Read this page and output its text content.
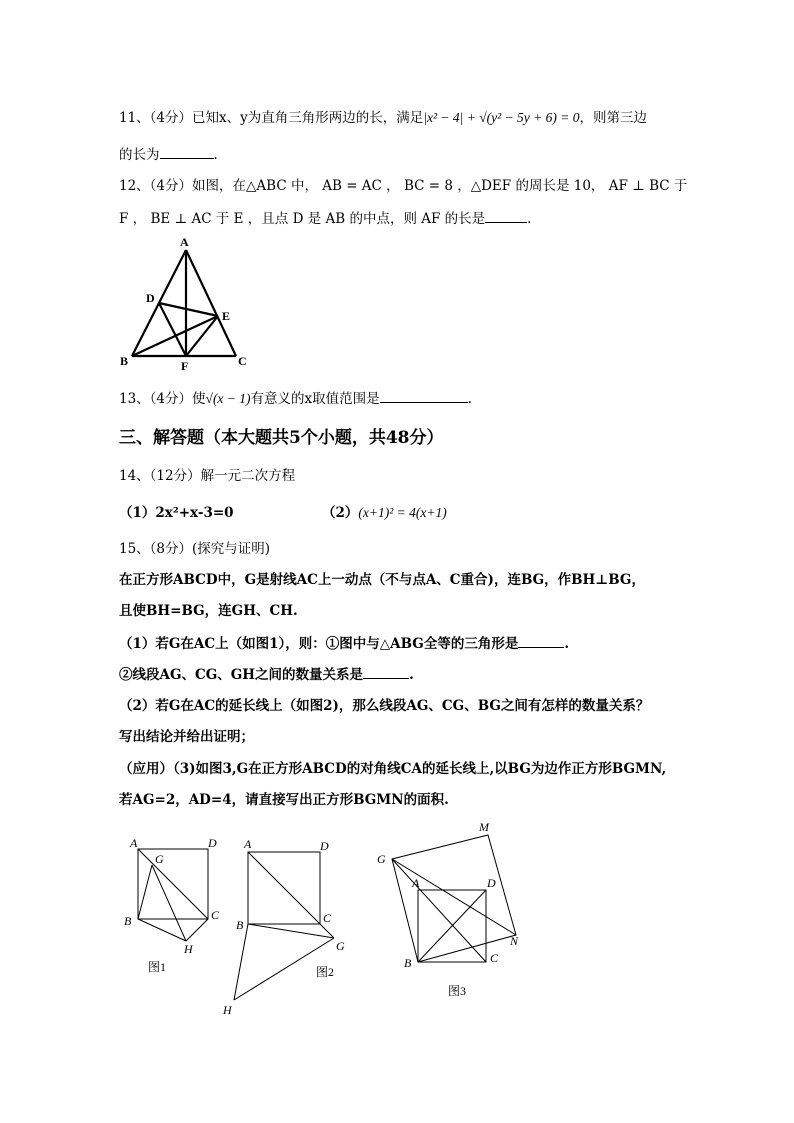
11、（4分）已知x、y为直角三角形两边的长，满足|x² − 4| + √(y² − 5y + 6) = 0，则第三边
的长为	.
12、（4分）如图，在△ABC 中， AB = AC ， BC = 8 ，△DEF 的周长是 10， AF ⊥ BC 于
F ， BE ⊥ AC 于 E ，且点 D 是 AB 的中点，则 AF 的长是	.
A
D
E
B	F	C
13、（4分）使√(x − 1)有意义的x取值范围是	.
三、解答题（本大题共5个小题，共48分）
14、（12分）解一元二次方程
（1）2x²+x-3=0	（2）(x+1)² = 4(x+1)
15、（8分）(探究与证明)
在正方形ABCD中，G是射线AC上一动点（不与点A、C重合)，连BG，作BH⊥BG，
且使BH=BG，连GH、CH.
（1）若G在AC上（如图1），则：①图中与△ABG全等的三角形是	.
②线段AG、CG、GH之间的数量关系是	.
（2）若G在AC的延长线上（如图2)，那么线段AG、CG、BG之间有怎样的数量关系？
写出结论并给出证明；
（应用）（3)如图3,G在正方形ABCD的对角线CA的延长线上,以BG为边作正方形BGMN,
若AG=2，AD=4，请直接写出正方形BGMN的面积.
A	D
G
B	C
H
图1
A	D
B	C
G
H
图2
M
G
A	D
N
B	C
图3
